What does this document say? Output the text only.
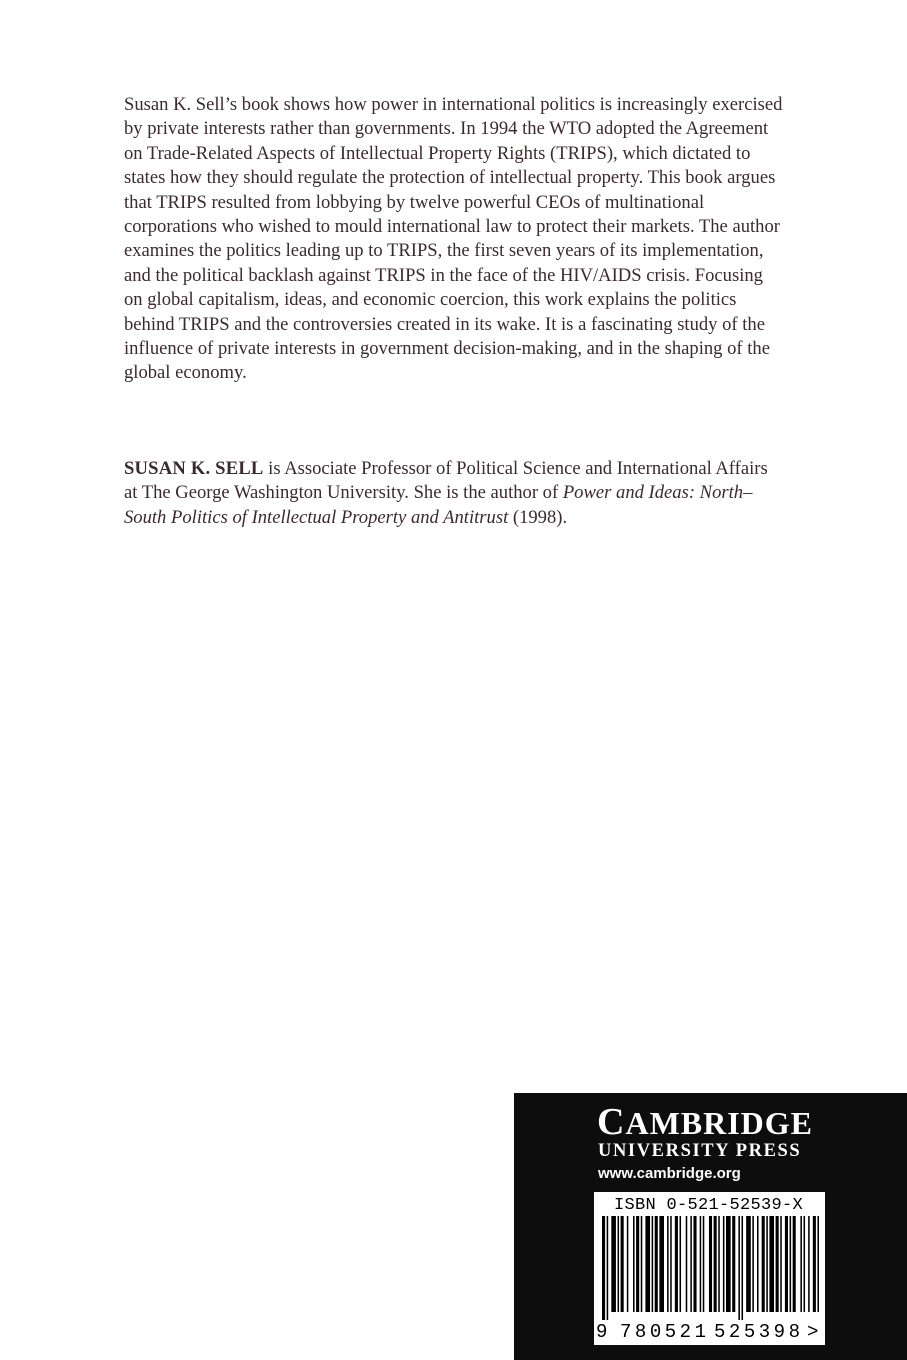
Susan K. Sell’s book shows how power in international politics is increasingly exercised by private interests rather than governments. In 1994 the WTO adopted the Agreement on Trade-Related Aspects of Intellectual Property Rights (TRIPS), which dictated to states how they should regulate the protection of intellectual property. This book argues that TRIPS resulted from lobbying by twelve powerful CEOs of multinational corporations who wished to mould international law to protect their markets. The author examines the politics leading up to TRIPS, the first seven years of its implementation, and the political backlash against TRIPS in the face of the HIV/AIDS crisis. Focusing on global capitalism, ideas, and economic coercion, this work explains the politics behind TRIPS and the controversies created in its wake. It is a fascinating study of the influence of private interests in government decision-making, and in the shaping of the global economy.

SUSAN K. SELL is Associate Professor of Political Science and International Affairs at The George Washington University. She is the author of Power and Ideas: North–South Politics of Intellectual Property and Antitrust (1998).

CAMBRIDGE
UNIVERSITY PRESS
www.cambridge.org
ISBN 0-521-52539-X
9 780521 525398 >
